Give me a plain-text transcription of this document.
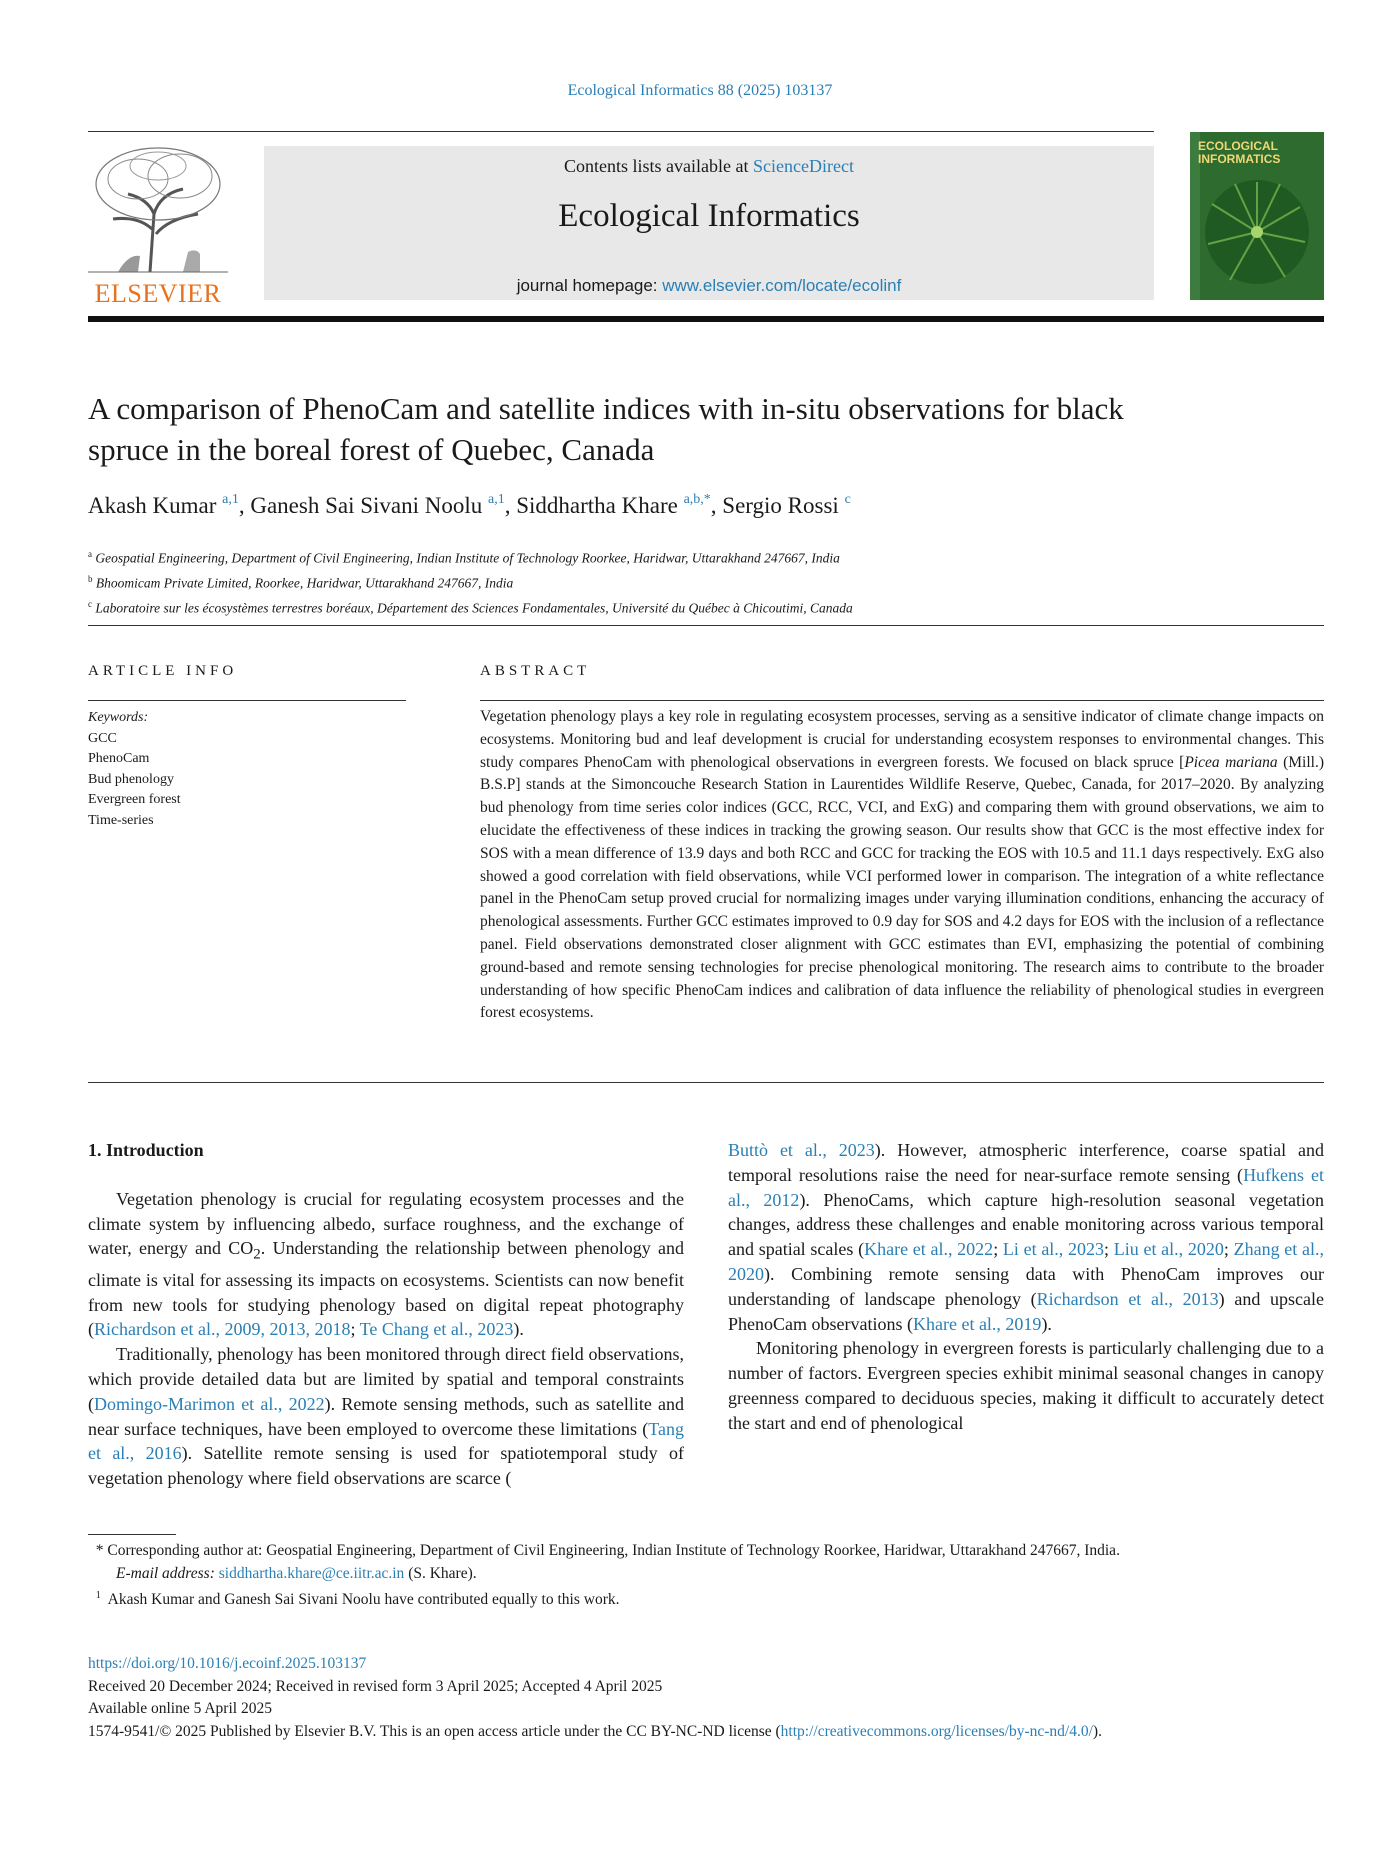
Ecological Informatics 88 (2025) 103137
ELSEVIER
Contents lists available at ScienceDirect
Ecological Informatics
journal homepage: www.elsevier.com/locate/ecolinf
ECOLOGICAL
INFORMATICS
A comparison of PhenoCam and satellite indices with in-situ observations for black spruce in the boreal forest of Quebec, Canada
Akash Kumar $^{a,1}$, Ganesh Sai Sivani Noolu $^{a,1}$, Siddhartha Khare $^{a,b,*}$, Sergio Rossi $^c$
$^a$ Geospatial Engineering, Department of Civil Engineering, Indian Institute of Technology Roorkee, Haridwar, Uttarakhand 247667, India
$^b$ Bhoomicam Private Limited, Roorkee, Haridwar, Uttarakhand 247667, India
$^c$ Laboratoire sur les écosystèmes terrestres boréaux, Département des Sciences Fondamentales, Université du Québec à Chicoutimi, Canada
ARTICLE INFO
Keywords:
GCC
PhenoCam
Bud phenology
Evergreen forest
Time-series
ABSTRACT
Vegetation phenology plays a key role in regulating ecosystem processes, serving as a sensitive indicator of climate change impacts on ecosystems. Monitoring bud and leaf development is crucial for understanding ecosystem responses to environmental changes. This study compares PhenoCam with phenological observations in evergreen forests. We focused on black spruce [Picea mariana (Mill.) B.S.P] stands at the Simoncouche Research Station in Laurentides Wildlife Reserve, Quebec, Canada, for 2017–2020. By analyzing bud phenology from time series color indices (GCC, RCC, VCI, and ExG) and comparing them with ground observations, we aim to elucidate the effectiveness of these indices in tracking the growing season. Our results show that GCC is the most effective index for SOS with a mean difference of 13.9 days and both RCC and GCC for tracking the EOS with 10.5 and 11.1 days respectively. ExG also showed a good correlation with field observations, while VCI performed lower in comparison. The integration of a white reflectance panel in the PhenoCam setup proved crucial for normalizing images under varying illumination conditions, enhancing the accuracy of phenological assessments. Further GCC estimates improved to 0.9 day for SOS and 4.2 days for EOS with the inclusion of a reflectance panel. Field observations demonstrated closer alignment with GCC estimates than EVI, emphasizing the potential of combining ground-based and remote sensing technologies for precise phenological monitoring. The research aims to contribute to the broader understanding of how specific PhenoCam indices and calibration of data influence the reliability of phenological studies in evergreen forest ecosystems.
1. Introduction

Vegetation phenology is crucial for regulating ecosystem processes and the climate system by influencing albedo, surface roughness, and the exchange of water, energy and $CO_2$. Understanding the relationship between phenology and climate is vital for assessing its impacts on ecosystems. Scientists can now benefit from new tools for studying phenology based on digital repeat photography (Richardson et al., 2009, 2013, 2018; Te Chang et al., 2023).

Traditionally, phenology has been monitored through direct field observations, which provide detailed data but are limited by spatial and temporal constraints (Domingo-Marimon et al., 2022). Remote sensing methods, such as satellite and near surface techniques, have been employed to overcome these limitations (Tang et al., 2016). Satellite remote sensing is used for spatiotemporal study of vegetation phenology where field observations are scarce (

Buttò et al., 2023). However, atmospheric interference, coarse spatial and temporal resolutions raise the need for near-surface remote sensing (Hufkens et al., 2012). PhenoCams, which capture high-resolution seasonal vegetation changes, address these challenges and enable monitoring across various temporal and spatial scales (Khare et al., 2022; Li et al., 2023; Liu et al., 2020; Zhang et al., 2020). Combining remote sensing data with PhenoCam improves our understanding of landscape phenology (Richardson et al., 2013) and upscale PhenoCam observations (Khare et al., 2019).

Monitoring phenology in evergreen forests is particularly challenging due to a number of factors. Evergreen species exhibit minimal seasonal changes in canopy greenness compared to deciduous species, making it difficult to accurately detect the start and end of phenological

* Corresponding author at: Geospatial Engineering, Department of Civil Engineering, Indian Institute of Technology Roorkee, Haridwar, Uttarakhand 247667, India.
E-mail address: siddhartha.khare@ce.iitr.ac.in (S. Khare).
$^1$ Akash Kumar and Ganesh Sai Sivani Noolu have contributed equally to this work.
https://doi.org/10.1016/j.ecoinf.2025.103137
Received 20 December 2024; Received in revised form 3 April 2025; Accepted 4 April 2025
Available online 5 April 2025
1574-9541/© 2025 Published by Elsevier B.V. This is an open access article under the CC BY-NC-ND license (http://creativecommons.org/licenses/by-nc-nd/4.0/).
